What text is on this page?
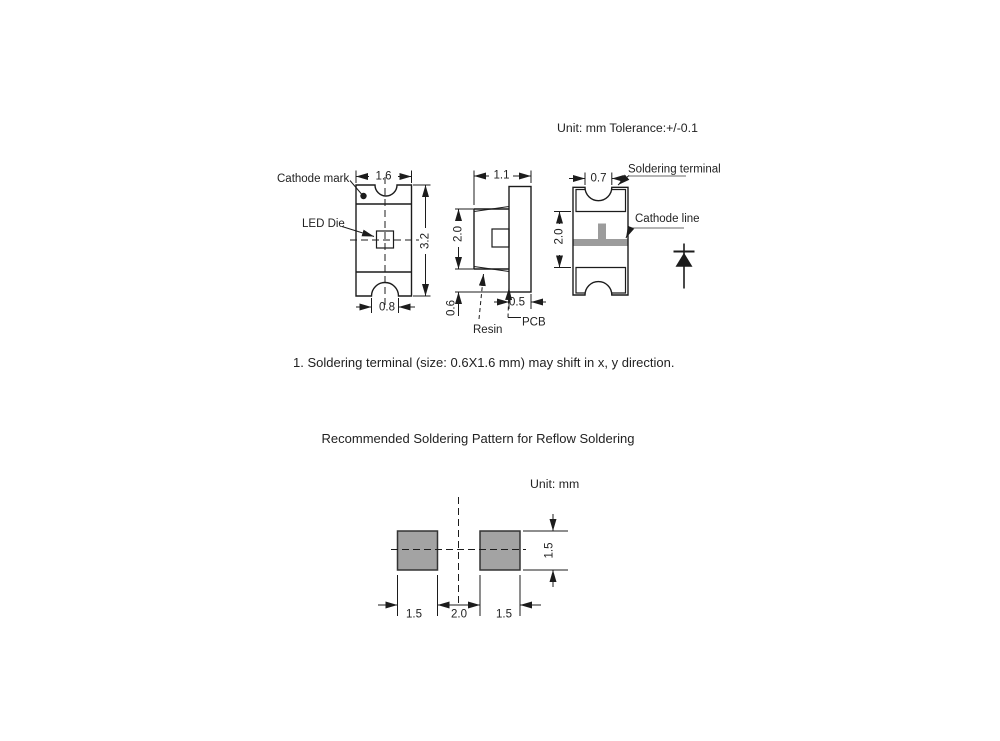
Unit: mm Tolerance:+/-0.1
1.6
3.2
0.8
Cathode mark
LED Die
1.1
2.0
0.6	0.5
Resin
PCB
0.7
2.0
Soldering terminal
Cathode line
1. Soldering terminal (size: 0.6X1.6 mm) may shift in x, y direction.
Recommended Soldering Pattern for Reflow Soldering
Unit: mm
1.5
1.5	2.0	1.5
